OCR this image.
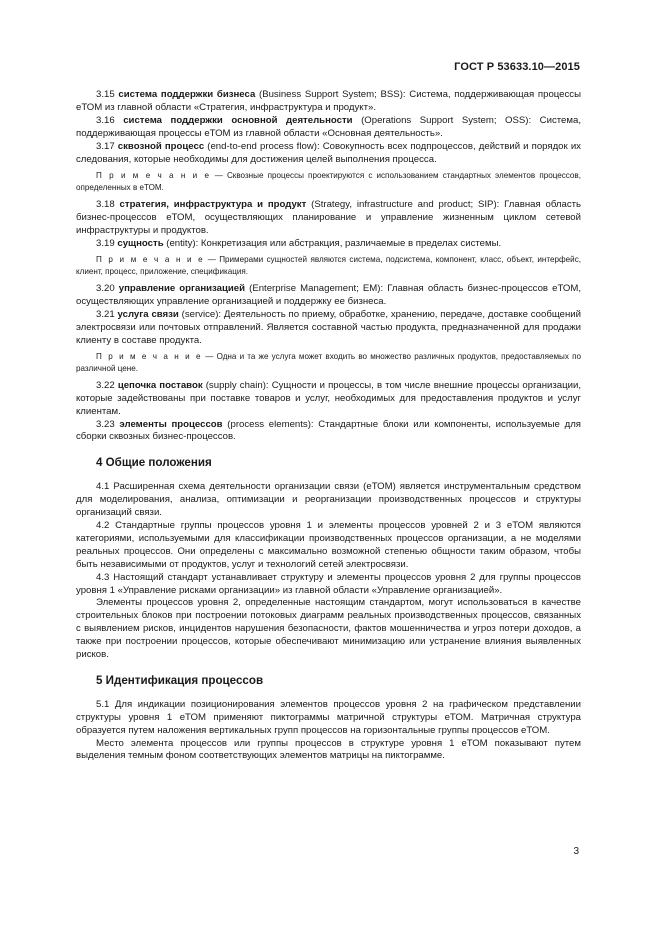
ГОСТ Р 53633.10—2015

3.15 система поддержки бизнеса (Business Support System; BSS): Система, поддерживающая процессы еТОМ из главной области «Стратегия, инфраструктура и продукт».

3.16 система поддержки основной деятельности (Operations Support System; OSS): Система, поддерживающая процессы еТОМ из главной области «Основная деятельность».

3.17 сквозной процесс (end-to-end process flow): Совокупность всех подпроцессов, действий и порядок их следования, которые необходимы для достижения целей выполнения процесса.

П р и м е ч а н и е — Сквозные процессы проектируются с использованием стандартных элементов процессов, определенных в еТОМ.

3.18 стратегия, инфраструктура и продукт (Strategy, infrastructure and product; SIP): Главная область бизнес-процессов еТОМ, осуществляющих планирование и управление жизненным циклом сетевой инфраструктуры и продуктов.

3.19 сущность (entity): Конкретизация или абстракция, различаемые в пределах системы.

П р и м е ч а н и е — Примерами сущностей являются система, подсистема, компонент, класс, объект, интерфейс, клиент, процесс, приложение, спецификация.

3.20 управление организацией (Enterprise Management; EM): Главная область бизнес-процессов еТОМ, осуществляющих управление организацией и поддержку ее бизнеса.

3.21 услуга связи (service): Деятельность по приему, обработке, хранению, передаче, доставке сообщений электросвязи или почтовых отправлений. Является составной частью продукта, предназначенной для продажи клиенту в составе продукта.

П р и м е ч а н и е — Одна и та же услуга может входить во множество различных продуктов, предоставляемых по различной цене.

3.22 цепочка поставок (supply chain): Сущности и процессы, в том числе внешние процессы организации, которые задействованы при поставке товаров и услуг, необходимых для предоставления продуктов и услуг клиентам.

3.23 элементы процессов (process elements): Стандартные блоки или компоненты, используемые для сборки сквозных бизнес-процессов.

4 Общие положения

4.1 Расширенная схема деятельности организации связи (еТОМ) является инструментальным средством для моделирования, анализа, оптимизации и реорганизации производственных процессов и структуры организаций связи.

4.2 Стандартные группы процессов уровня 1 и элементы процессов уровней 2 и 3 еТОМ являются категориями, используемыми для классификации производственных процессов организации, а не моделями реальных процессов. Они определены с максимально возможной степенью общности таким образом, чтобы быть независимыми от продуктов, услуг и технологий сетей электросвязи.

4.3 Настоящий стандарт устанавливает структуру и элементы процессов уровня 2 для группы процессов уровня 1 «Управление рисками организации» из главной области «Управление организацией».

Элементы процессов уровня 2, определенные настоящим стандартом, могут использоваться в качестве строительных блоков при построении потоковых диаграмм реальных производственных процессов, связанных с выявлением рисков, инцидентов нарушения безопасности, фактов мошенничества и угроз потери доходов, а также при построении процессов, которые обеспечивают минимизацию или устранение влияния выявленных рисков.

5 Идентификация процессов

5.1 Для индикации позиционирования элементов процессов уровня 2 на графическом представлении структуры уровня 1 еТОМ применяют пиктограммы матричной структуры еТОМ. Матричная структура образуется путем наложения вертикальных групп процессов на горизонтальные группы процессов еТОМ.

Место элемента процессов или группы процессов в структуре уровня 1 еТОМ показывают путем выделения темным фоном соответствующих элементов матрицы на пиктограмме.

3
